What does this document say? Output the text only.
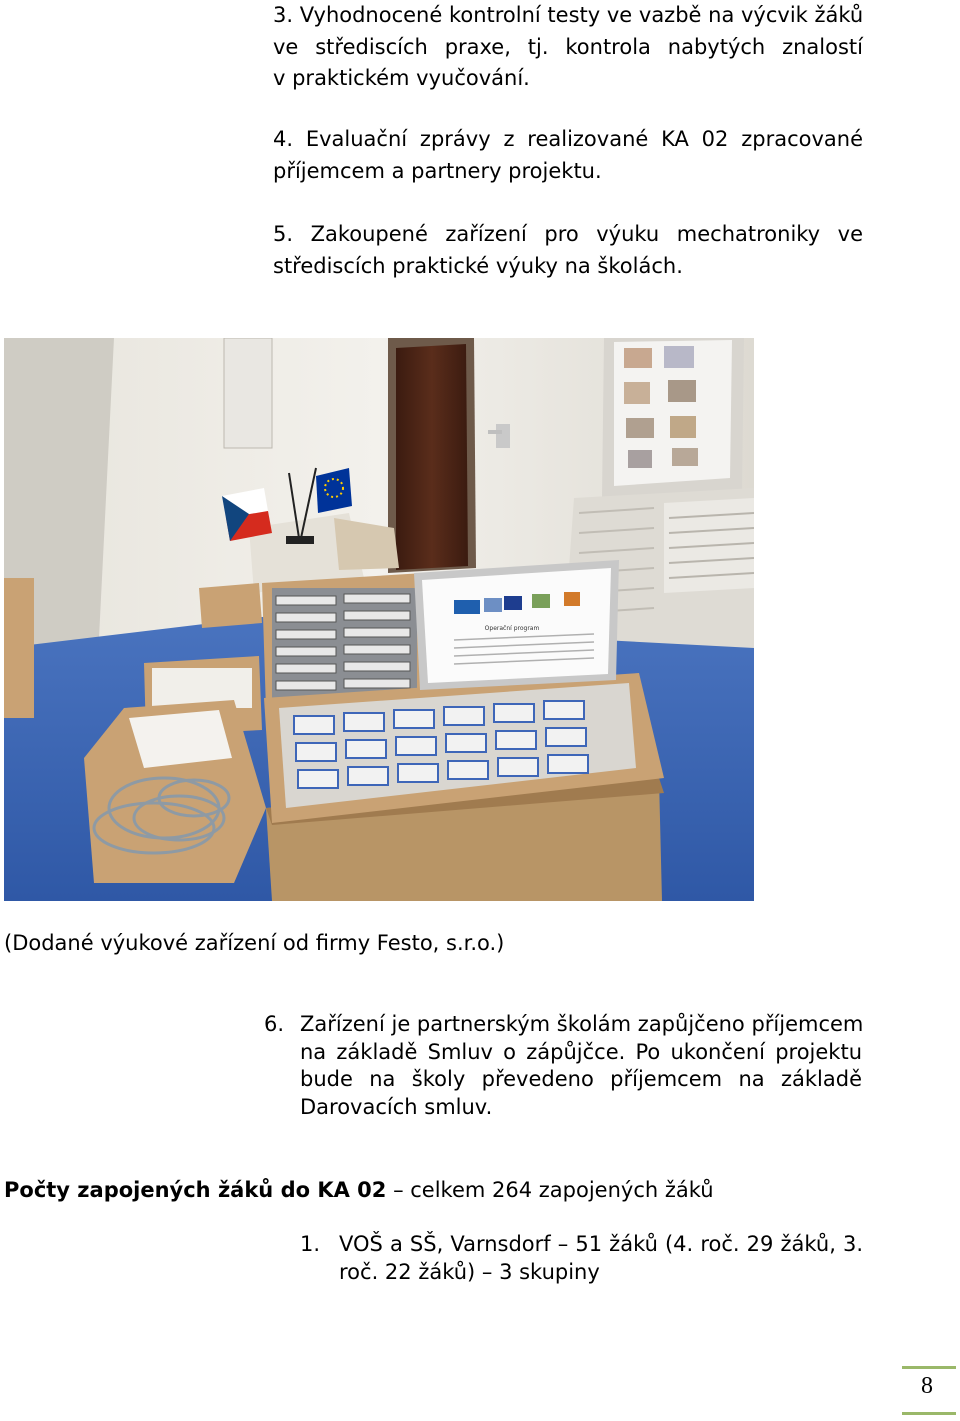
3. Vyhodnocené kontrolní testy ve vazbě na výcvik žáků
ve střediscích praxe, tj. kontrola nabytých znalostí
v praktickém vyučování.
4. Evaluační zprávy z realizované KA 02 zpracované
příjemcem a partnery projektu.
5. Zakoupené zařízení pro výuku mechatroniky ve
střediscích praktické výuky na školách.
Operační program
(Dodané výukové zařízení od firmy Festo, s.r.o.)
6. Zařízení je partnerským školám zapůjčeno příjemcem
na základě Smluv o zápůjčce. Po ukončení projektu
bude na školy převedeno příjemcem na základě
Darovacích smluv.
Počty zapojených žáků do KA 02 – celkem 264 zapojených žáků
1. VOŠ a SŠ, Varnsdorf – 51 žáků (4. roč. 29 žáků, 3.
roč. 22 žáků) – 3 skupiny
8
